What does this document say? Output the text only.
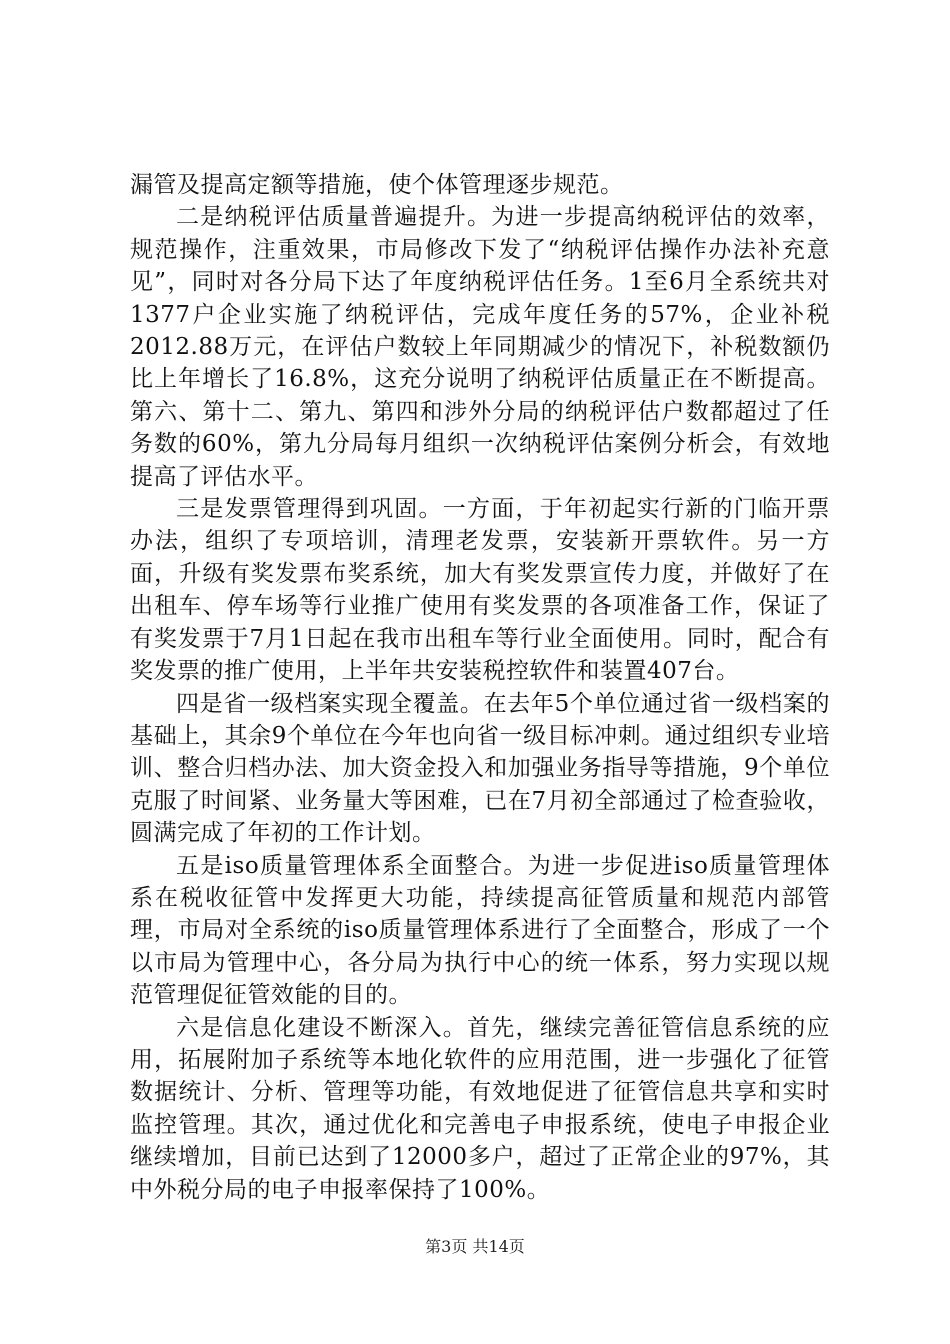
漏管及提高定额等措施，使个体管理逐步规范。

二是纳税评估质量普遍提升。为进一步提高纳税评估的效率，规范操作，注重效果，市局修改下发了“纳税评估操作办法补充意见”，同时对各分局下达了年度纳税评估任务。1至6月全系统共对1377户企业实施了纳税评估，完成年度任务的57%，企业补税2012.88万元，在评估户数较上年同期减少的情况下，补税数额仍比上年增长了16.8%，这充分说明了纳税评估质量正在不断提高。第六、第十二、第九、第四和涉外分局的纳税评估户数都超过了任务数的60%，第九分局每月组织一次纳税评估案例分析会，有效地提高了评估水平。

三是发票管理得到巩固。一方面，于年初起实行新的门临开票办法，组织了专项培训，清理老发票，安装新开票软件。另一方面，升级有奖发票布奖系统，加大有奖发票宣传力度，并做好了在出租车、停车场等行业推广使用有奖发票的各项准备工作，保证了有奖发票于7月1日起在我市出租车等行业全面使用。同时，配合有奖发票的推广使用，上半年共安装税控软件和装置407台。

四是省一级档案实现全覆盖。在去年5个单位通过省一级档案的基础上，其余9个单位在今年也向省一级目标冲刺。通过组织专业培训、整合归档办法、加大资金投入和加强业务指导等措施，9个单位克服了时间紧、业务量大等困难，已在7月初全部通过了检查验收，圆满完成了年初的工作计划。

五是iso质量管理体系全面整合。为进一步促进iso质量管理体系在税收征管中发挥更大功能，持续提高征管质量和规范内部管理，市局对全系统的iso质量管理体系进行了全面整合，形成了一个以市局为管理中心，各分局为执行中心的统一体系，努力实现以规范管理促征管效能的目的。

六是信息化建设不断深入。首先，继续完善征管信息系统的应用，拓展附加子系统等本地化软件的应用范围，进一步强化了征管数据统计、分析、管理等功能，有效地促进了征管信息共享和实时监控管理。其次，通过优化和完善电子申报系统，使电子申报企业继续增加，目前已达到了12000多户，超过了正常企业的97%，其中外税分局的电子申报率保持了100%。

第3页 共14页
